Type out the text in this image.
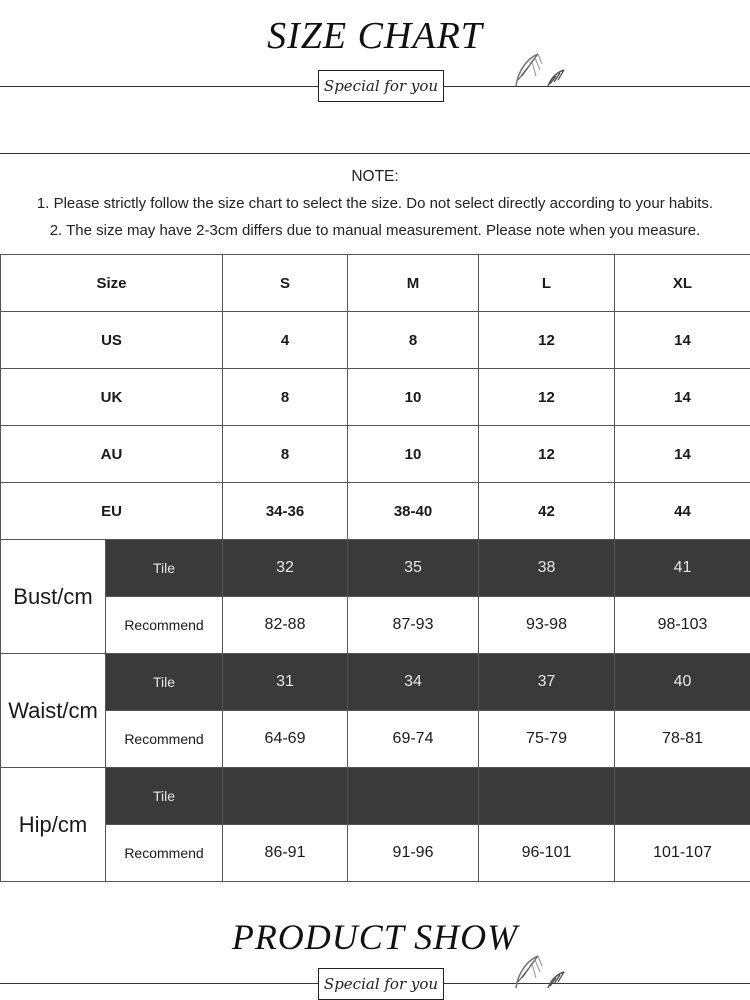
SIZE CHART
Special for you
NOTE:
1. Please strictly follow the size chart to select the size. Do not select directly according to your habits.
2. The size may have 2-3cm differs due to manual measurement. Please note when you measure.
Size		S	M	L	XL
US		4	8	12	14
UK		8	10	12	14
AU		8	10	12	14
EU		34-36	38-40	42	44
Bust/cm	Tile	32	35	38	41
	Recommend	82-88	87-93	93-98	98-103
Waist/cm	Tile	31	34	37	40
	Recommend	64-69	69-74	75-79	78-81
Hip/cm	Tile				
	Recommend	86-91	91-96	96-101	101-107
PRODUCT SHOW
Special for you
